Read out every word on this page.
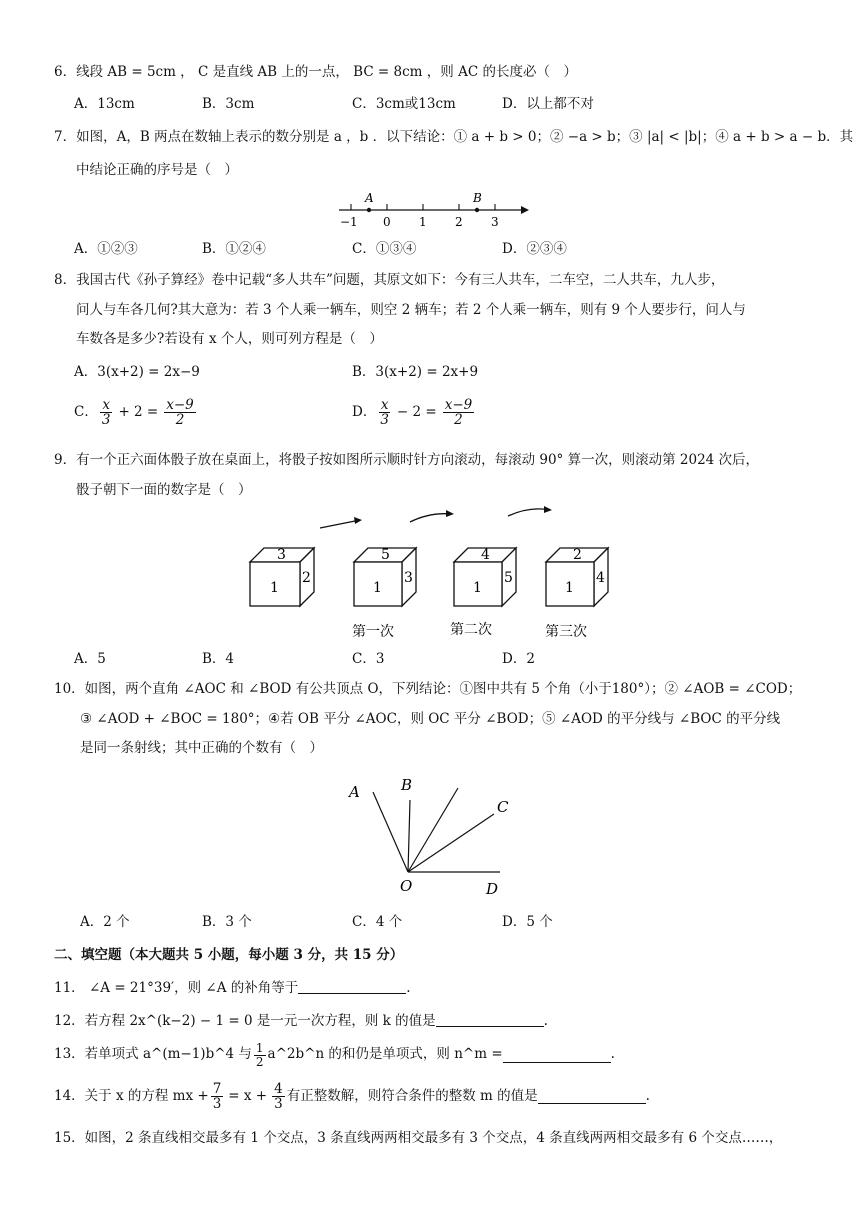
6．线段 AB = 5cm ， C 是直线 AB 上的一点， BC = 8cm ，则 AC 的长度必（　）
A．13cm	B．3cm	C．3cm或13cm	D．以上都不对
7．如图，A，B 两点在数轴上表示的数分别是 a ，b ．以下结论：① a + b > 0；② −a > b；③ |a| < |b|；④ a + b > a − b．其
中结论正确的序号是（　）
A	B
−1 0 1 2 3
A．①②③	B．①②④	C．①③④	D．②③④
8．我国古代《孙子算经》卷中记载“多人共车”问题，其原文如下：今有三人共车，二车空，二人共车，九人步，
问人与车各几何?其大意为：若 3 个人乘一辆车，则空 2 辆车；若 2 个人乘一辆车，则有 9 个人要步行，问人与
车数各是多少?若设有 x 个人，则可列方程是（　）
A．3(x+2) = 2x−9	B．3(x+2) = 2x+9
C． $\frac{x}{3} + 2 = \frac{x-9}{2}$	D． $\frac{x}{3} - 2 = \frac{x-9}{2}$
9．有一个正六面体骰子放在桌面上，将骰子按如图所示顺时针方向滚动，每滚动 90° 算一次，则滚动第 2024 次后，
骰子朝下一面的数字是（　）
3
1
2
5
1
3
4
1
5
2
1
4
第一次	第二次	第三次
A．5	B．4	C．3	D．2
10．如图，两个直角 ∠AOC 和 ∠BOD 有公共顶点 O，下列结论：①图中共有 5 个角（小于180°）；② ∠AOB = ∠COD；
③ ∠AOD + ∠BOC = 180°；④若 OB 平分 ∠AOC，则 OC 平分 ∠BOD；⑤ ∠AOD 的平分线与 ∠BOC 的平分线
是同一条射线；其中正确的个数有（　）
A	B
C
O	D
A．2 个	B．3 个	C．4 个	D．5 个
二、填空题（本大题共 5 小题，每小题 3 分，共 15 分）
11． ∠A = 21°39′，则 ∠A 的补角等于	.
12．若方程 2x^(k−2) − 1 = 0 是一元一次方程，则 k 的值是	.
13．若单项式 a^(m−1)b^4 与 $\frac{1}{2}$ a^2b^n 的和仍是单项式，则 n^m =	.
14．关于 x 的方程 mx + $\frac{7}{3} = x + \frac{4}{3}$ 有正整数解，则符合条件的整数 m 的值是	.
15．如图，2 条直线相交最多有 1 个交点，3 条直线两两相交最多有 3 个交点，4 条直线两两相交最多有 6 个交点……，
